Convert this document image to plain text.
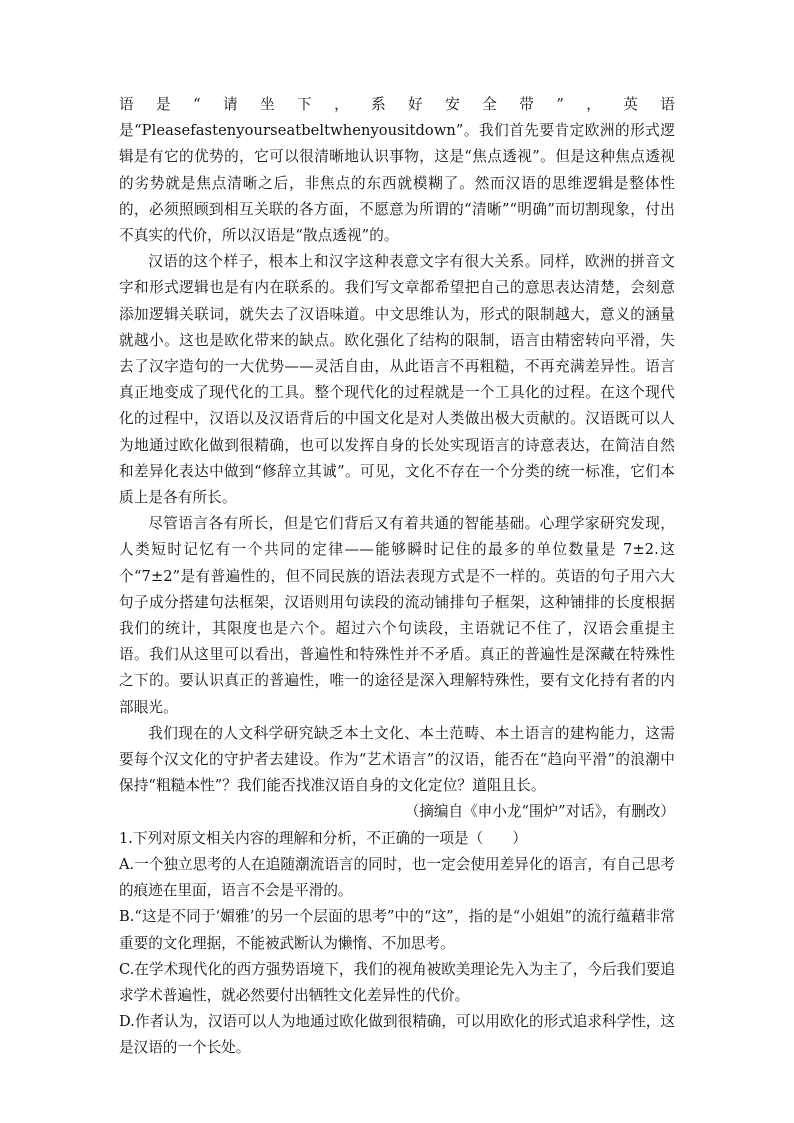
语是“请坐下，系好安全带”，英语是“Pleasefastenyourseatbeltwhenyousitdown”。我们首先要肯定欧洲的形式逻辑是有它的优势的，它可以很清晰地认识事物，这是“焦点透视”。但是这种焦点透视的劣势就是焦点清晰之后，非焦点的东西就模糊了。然而汉语的思维逻辑是整体性的，必须照顾到相互关联的各方面，不愿意为所谓的“清晰”“明确”而切割现象，付出不真实的代价，所以汉语是“散点透视”的。

汉语的这个样子，根本上和汉字这种表意文字有很大关系。同样，欧洲的拼音文字和形式逻辑也是有内在联系的。我们写文章都希望把自己的意思表达清楚，会刻意添加逻辑关联词，就失去了汉语味道。中文思维认为，形式的限制越大，意义的涵量就越小。这也是欧化带来的缺点。欧化强化了结构的限制，语言由精密转向平滑，失去了汉字造句的一大优势——灵活自由，从此语言不再粗糙，不再充满差异性。语言真正地变成了现代化的工具。整个现代化的过程就是一个工具化的过程。在这个现代化的过程中，汉语以及汉语背后的中国文化是对人类做出极大贡献的。汉语既可以人为地通过欧化做到很精确，也可以发挥自身的长处实现语言的诗意表达，在简洁自然和差异化表达中做到“修辞立其诚”。可见，文化不存在一个分类的统一标准，它们本质上是各有所长。

尽管语言各有所长，但是它们背后又有着共通的智能基础。心理学家研究发现，人类短时记忆有一个共同的定律——能够瞬时记住的最多的单位数量是 7±2.这个“7±2”是有普遍性的，但不同民族的语法表现方式是不一样的。英语的句子用六大句子成分搭建句法框架，汉语则用句读段的流动铺排句子框架，这种铺排的长度根据我们的统计，其限度也是六个。超过六个句读段，主语就记不住了，汉语会重提主语。我们从这里可以看出，普遍性和特殊性并不矛盾。真正的普遍性是深藏在特殊性之下的。要认识真正的普遍性，唯一的途径是深入理解特殊性，要有文化持有者的内部眼光。

我们现在的人文科学研究缺乏本土文化、本土范畴、本土语言的建构能力，这需要每个汉文化的守护者去建设。作为“艺术语言”的汉语，能否在“趋向平滑”的浪潮中保持“粗糙本性”？我们能否找准汉语自身的文化定位？道阻且长。

（摘编自《申小龙“围炉”对话》，有删改）

1.下列对原文相关内容的理解和分析，不正确的一项是（　　）

A.一个独立思考的人在追随潮流语言的同时，也一定会使用差异化的语言，有自己思考的痕迹在里面，语言不会是平滑的。

B.“这是不同于‘媚雅’的另一个层面的思考”中的“这”，指的是“小姐姐”的流行蕴藉非常重要的文化理据，不能被武断认为懒惰、不加思考。

C.在学术现代化的西方强势语境下，我们的视角被欧美理论先入为主了，今后我们要追求学术普遍性，就必然要付出牺牲文化差异性的代价。

D.作者认为，汉语可以人为地通过欧化做到很精确，可以用欧化的形式追求科学性，这是汉语的一个长处。
